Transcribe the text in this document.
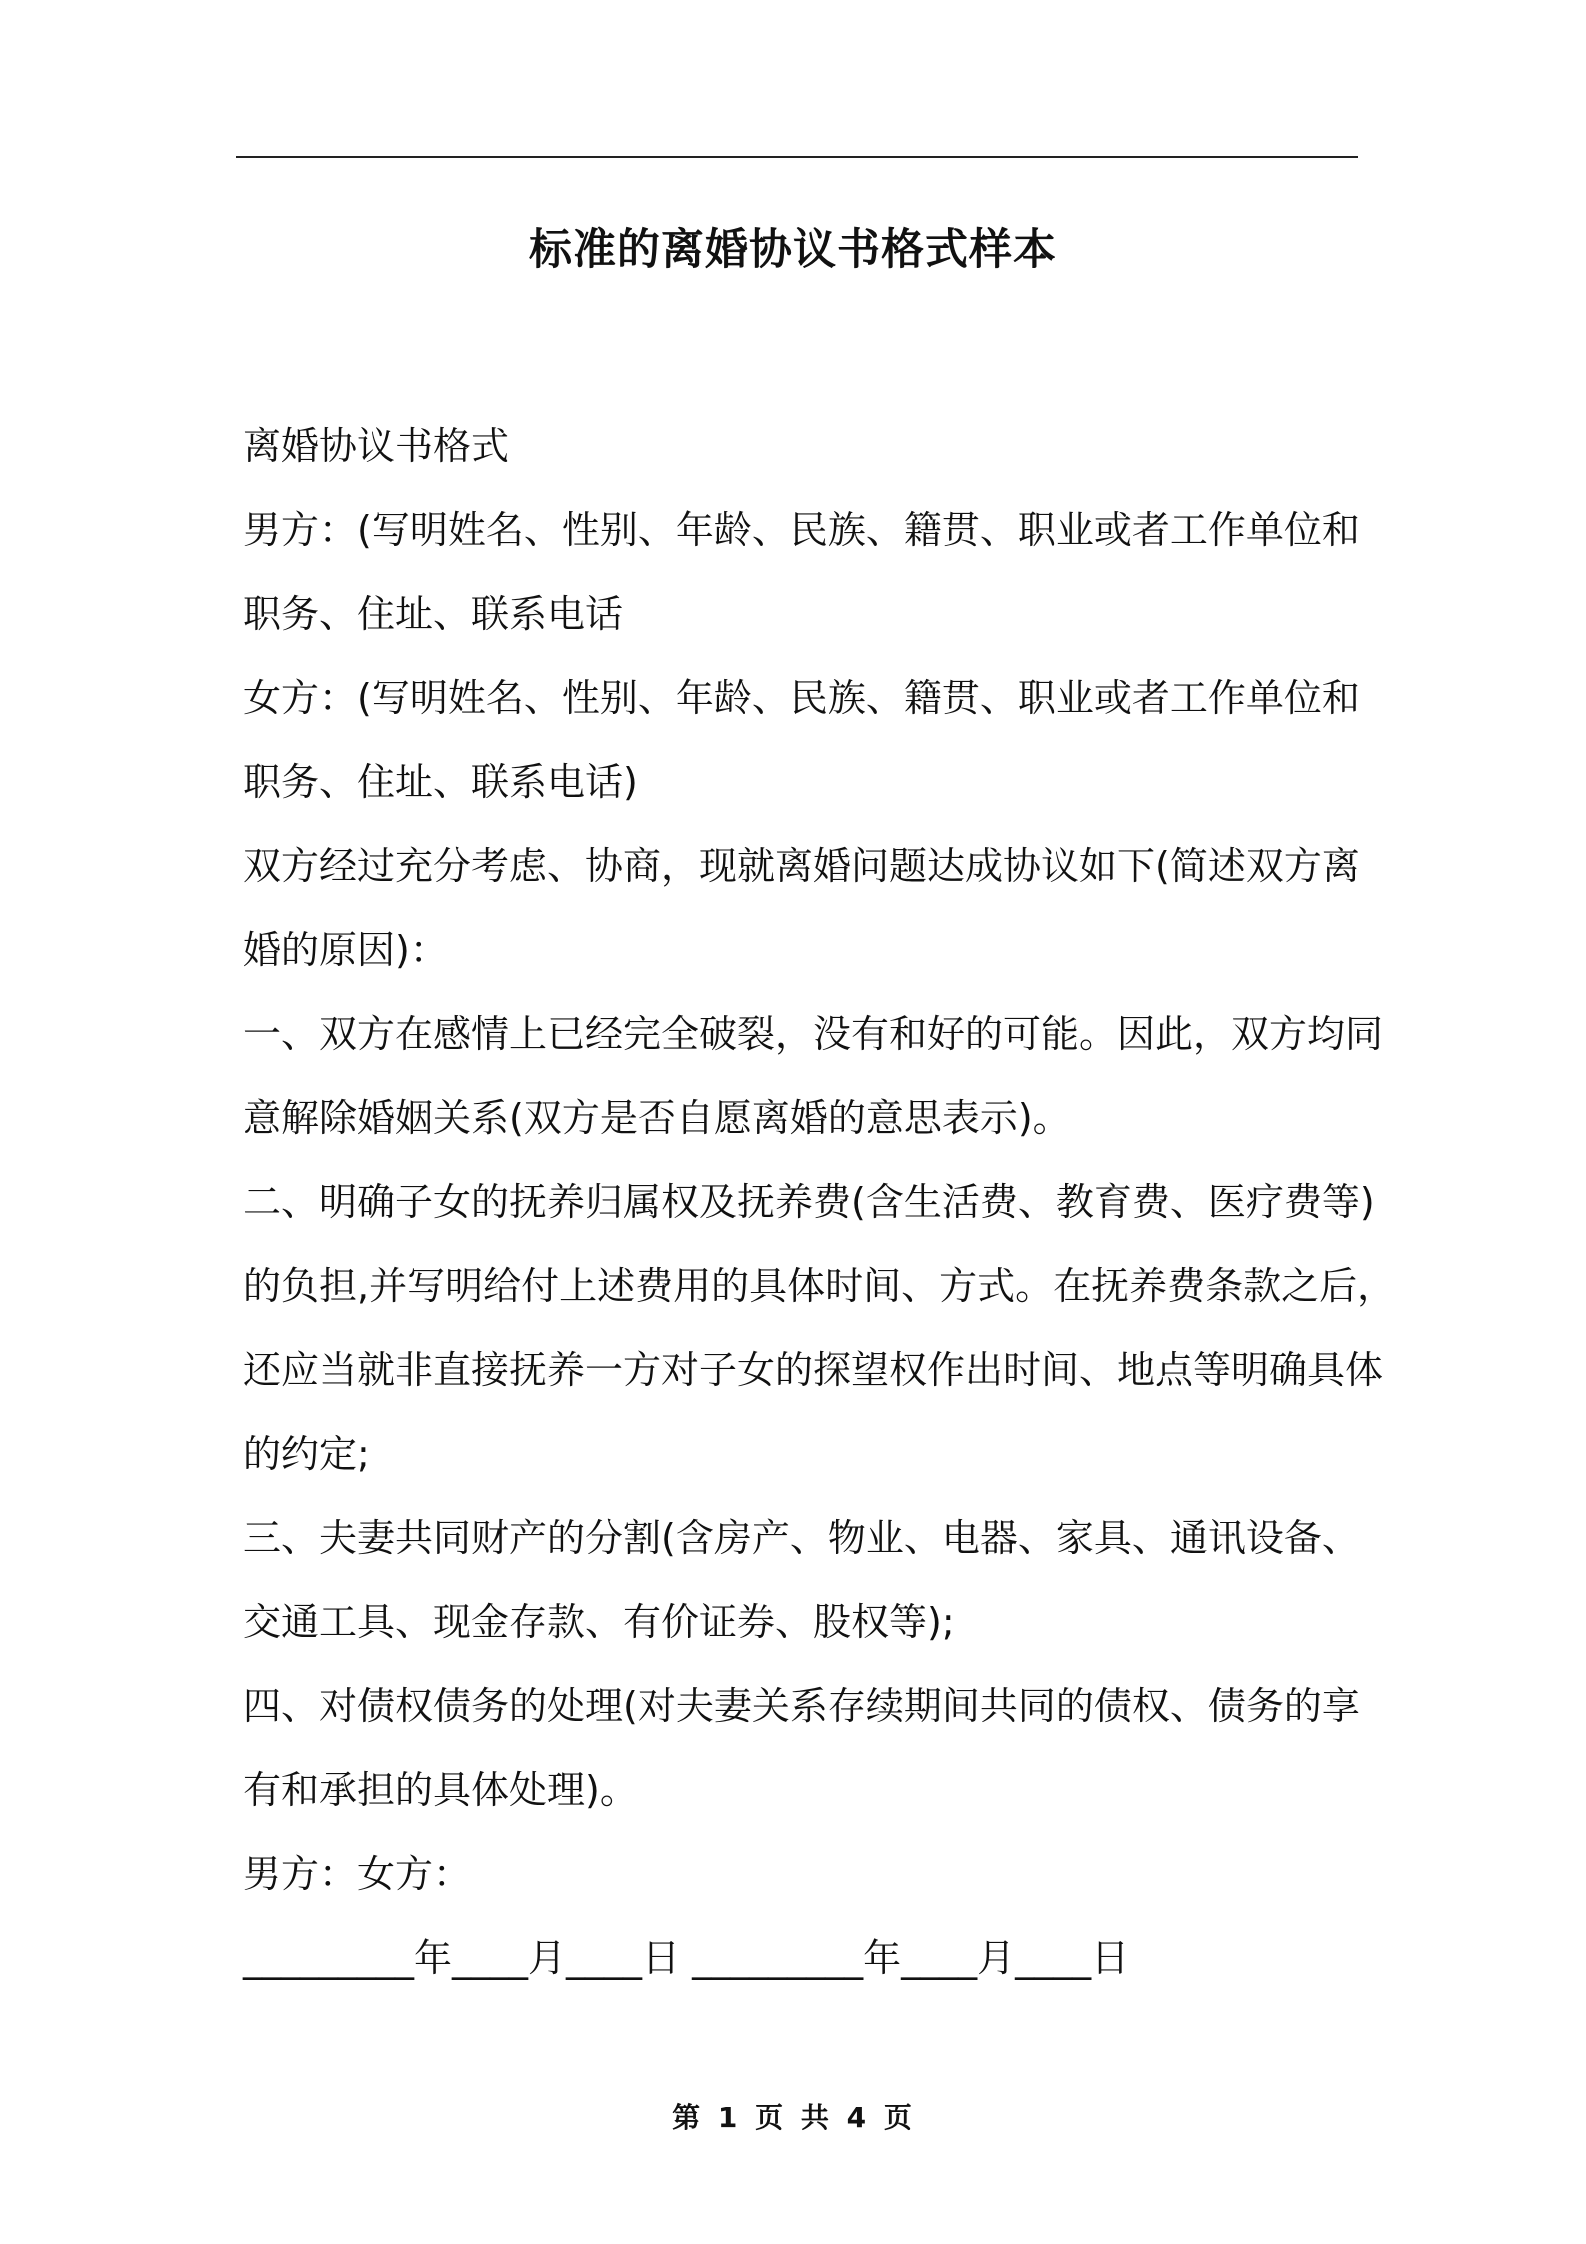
标准的离婚协议书格式样本

离婚协议书格式

男方：(写明姓名、性别、年龄、民族、籍贯、职业或者工作单位和

职务、住址、联系电话

女方：(写明姓名、性别、年龄、民族、籍贯、职业或者工作单位和

职务、住址、联系电话)

双方经过充分考虑、协商，现就离婚问题达成协议如下(简述双方离

婚的原因)：

一、双方在感情上已经完全破裂，没有和好的可能。因此，双方均同

意解除婚姻关系(双方是否自愿离婚的意思表示)。

二、明确子女的抚养归属权及抚养费(含生活费、教育费、医疗费等)

的负担,并写明给付上述费用的具体时间、方式。在抚养费条款之后，

还应当就非直接抚养一方对子女的探望权作出时间、地点等明确具体

的约定;

三、夫妻共同财产的分割(含房产、物业、电器、家具、通讯设备、

交通工具、现金存款、有价证券、股权等);

四、对债权债务的处理(对夫妻关系存续期间共同的债权、债务的享

有和承担的具体处理)。

男方：女方：

_________年____月____日 _________年____月____日

第 1 页 共 4 页
